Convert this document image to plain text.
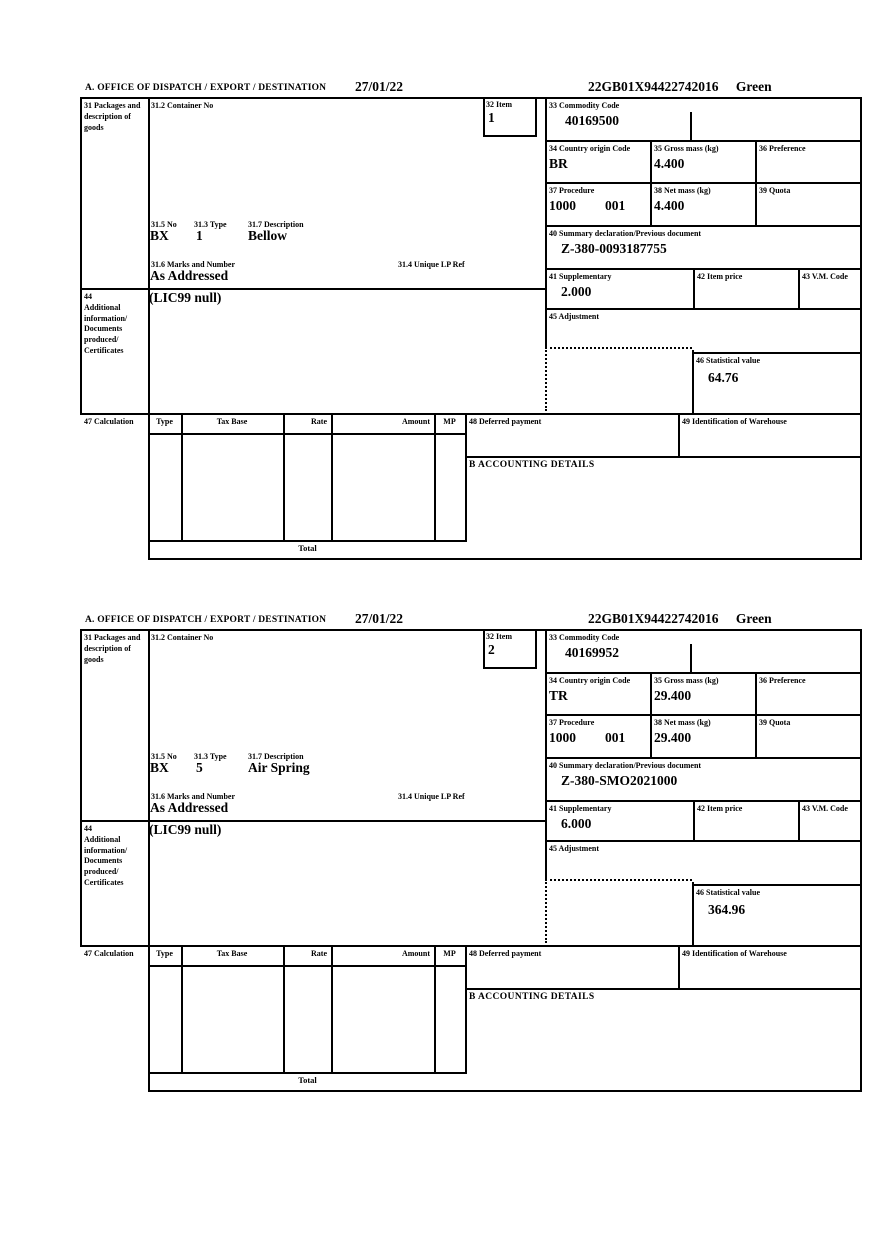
A. OFFICE OF DISPATCH / EXPORT / DESTINATION 27/01/22	22GB01X94422742016 Green
32 Item
1
31 Packages and description of goods
44
Additional information/ Documents produced/ Certificates
47 Calculation
31.2 Container No
31.5 No 31.3 Type	31.7 Description
BX 1	Bellow
31.6 Marks and Number	31.4 Unique LP Ref
As Addressed
(LIC99 null)
33 Commodity Code
40169500
34 Country origin Code
BR
35 Gross mass (kg)
4.400
36 Preference
37 Procedure
1000 001
38 Net mass (kg)
4.400
39 Quota
40 Summary declaration/Previous document
Z-380-0093187755
41 Supplementary
2.000
42 Item price	43 V.M. Code
45 Adjustment
46 Statistical value
64.76
Type	Tax Base	Rate	Amount	MP	48 Deferred payment	49 Identification of Warehouse
B ACCOUNTING DETAILS
Total
A. OFFICE OF DISPATCH / EXPORT / DESTINATION 27/01/22	22GB01X94422742016 Green
32 Item
2
31 Packages and description of goods
44
Additional information/ Documents produced/ Certificates
47 Calculation
31.2 Container No
31.5 No 31.3 Type	31.7 Description
BX 5	Air Spring
31.6 Marks and Number	31.4 Unique LP Ref
As Addressed
(LIC99 null)
33 Commodity Code
40169952
34 Country origin Code
TR
35 Gross mass (kg)
29.400
36 Preference
37 Procedure
1000 001
38 Net mass (kg)
29.400
39 Quota
40 Summary declaration/Previous document
Z-380-SMO2021000
41 Supplementary
6.000
42 Item price	43 V.M. Code
45 Adjustment
46 Statistical value
364.96
Type	Tax Base	Rate	Amount	MP	48 Deferred payment	49 Identification of Warehouse
B ACCOUNTING DETAILS
Total
